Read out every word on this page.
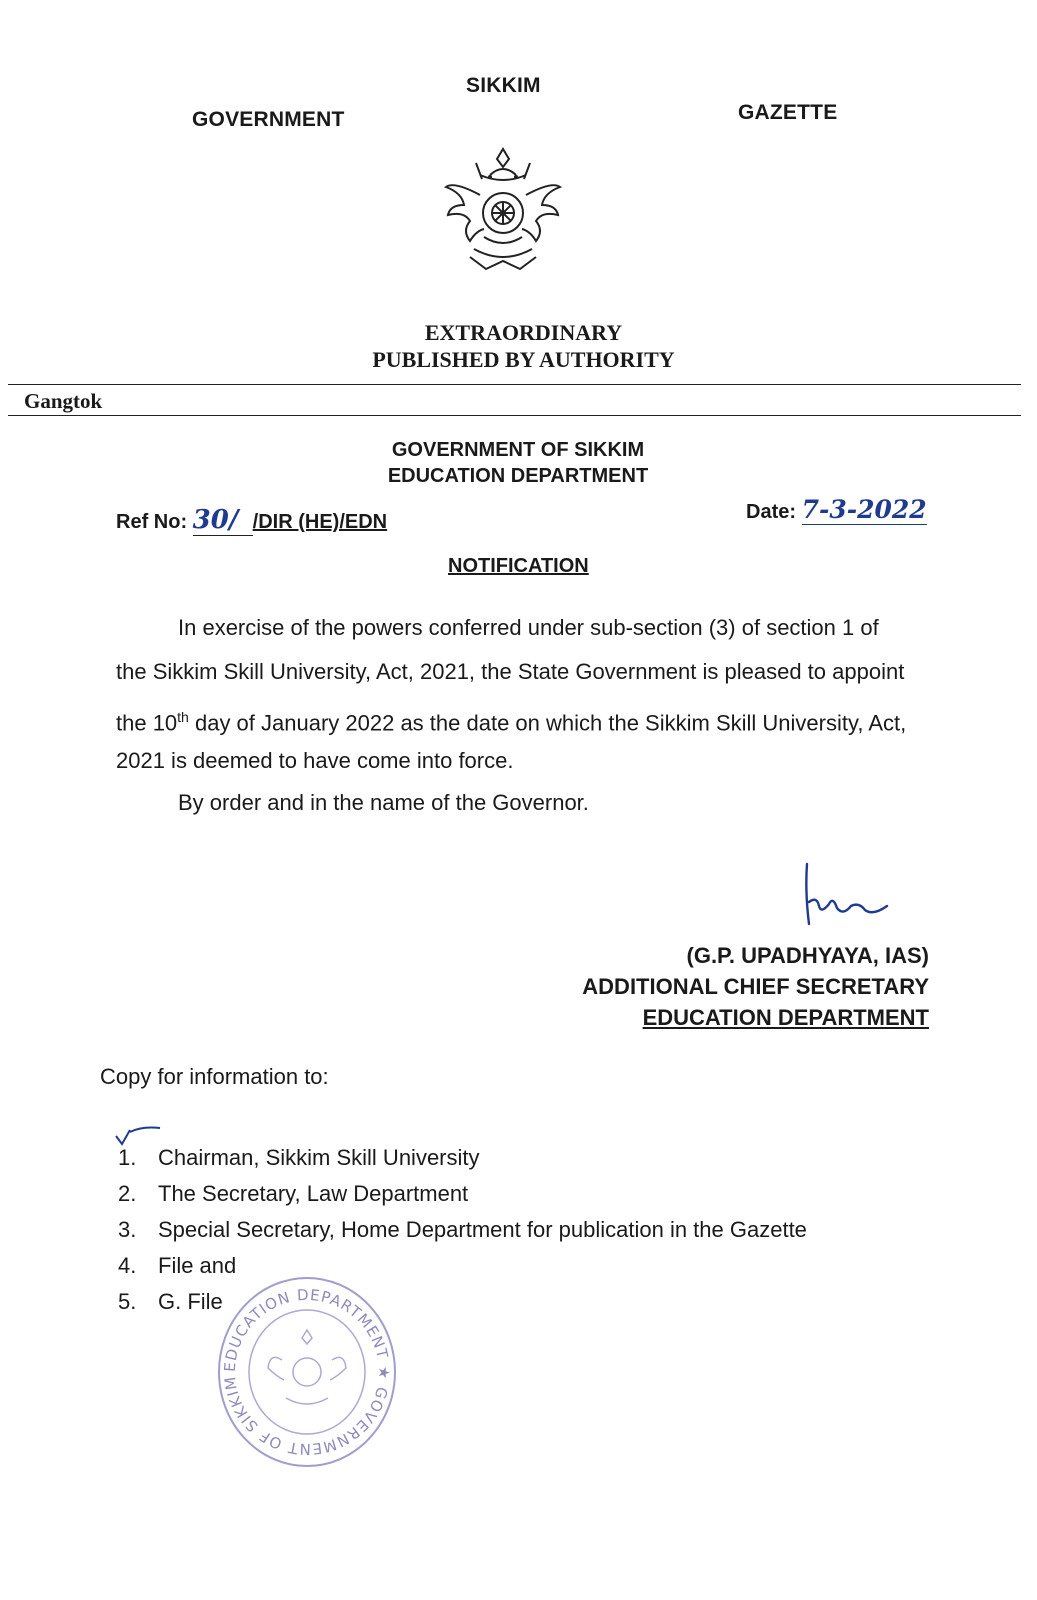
GOVERNMENT
SIKKIM
GAZETTE
EXTRAORDINARY
PUBLISHED BY AUTHORITY
Gangtok
GOVERNMENT OF SIKKIM
EDUCATION DEPARTMENT
Ref No: 30/ /DIR (HE)/EDN	Date: 7-3-2022
NOTIFICATION
In exercise of the powers conferred under sub-section (3) of section 1 of
the Sikkim Skill University, Act, 2021, the State Government is pleased to appoint
the 10th day of January 2022 as the date on which the Sikkim Skill University, Act,
2021 is deemed to have come into force.
By order and in the name of the Governor.
(G.P. UPADHYAYA, IAS)
ADDITIONAL CHIEF SECRETARY
EDUCATION DEPARTMENT
Copy for information to:
1. Chairman, Sikkim Skill University
2. The Secretary, Law Department
3. Special Secretary, Home Department for publication in the Gazette
4. File and
5. G. File
EDUCATION DEPARTMENT ★ GOVERNMENT OF SIKKIM
